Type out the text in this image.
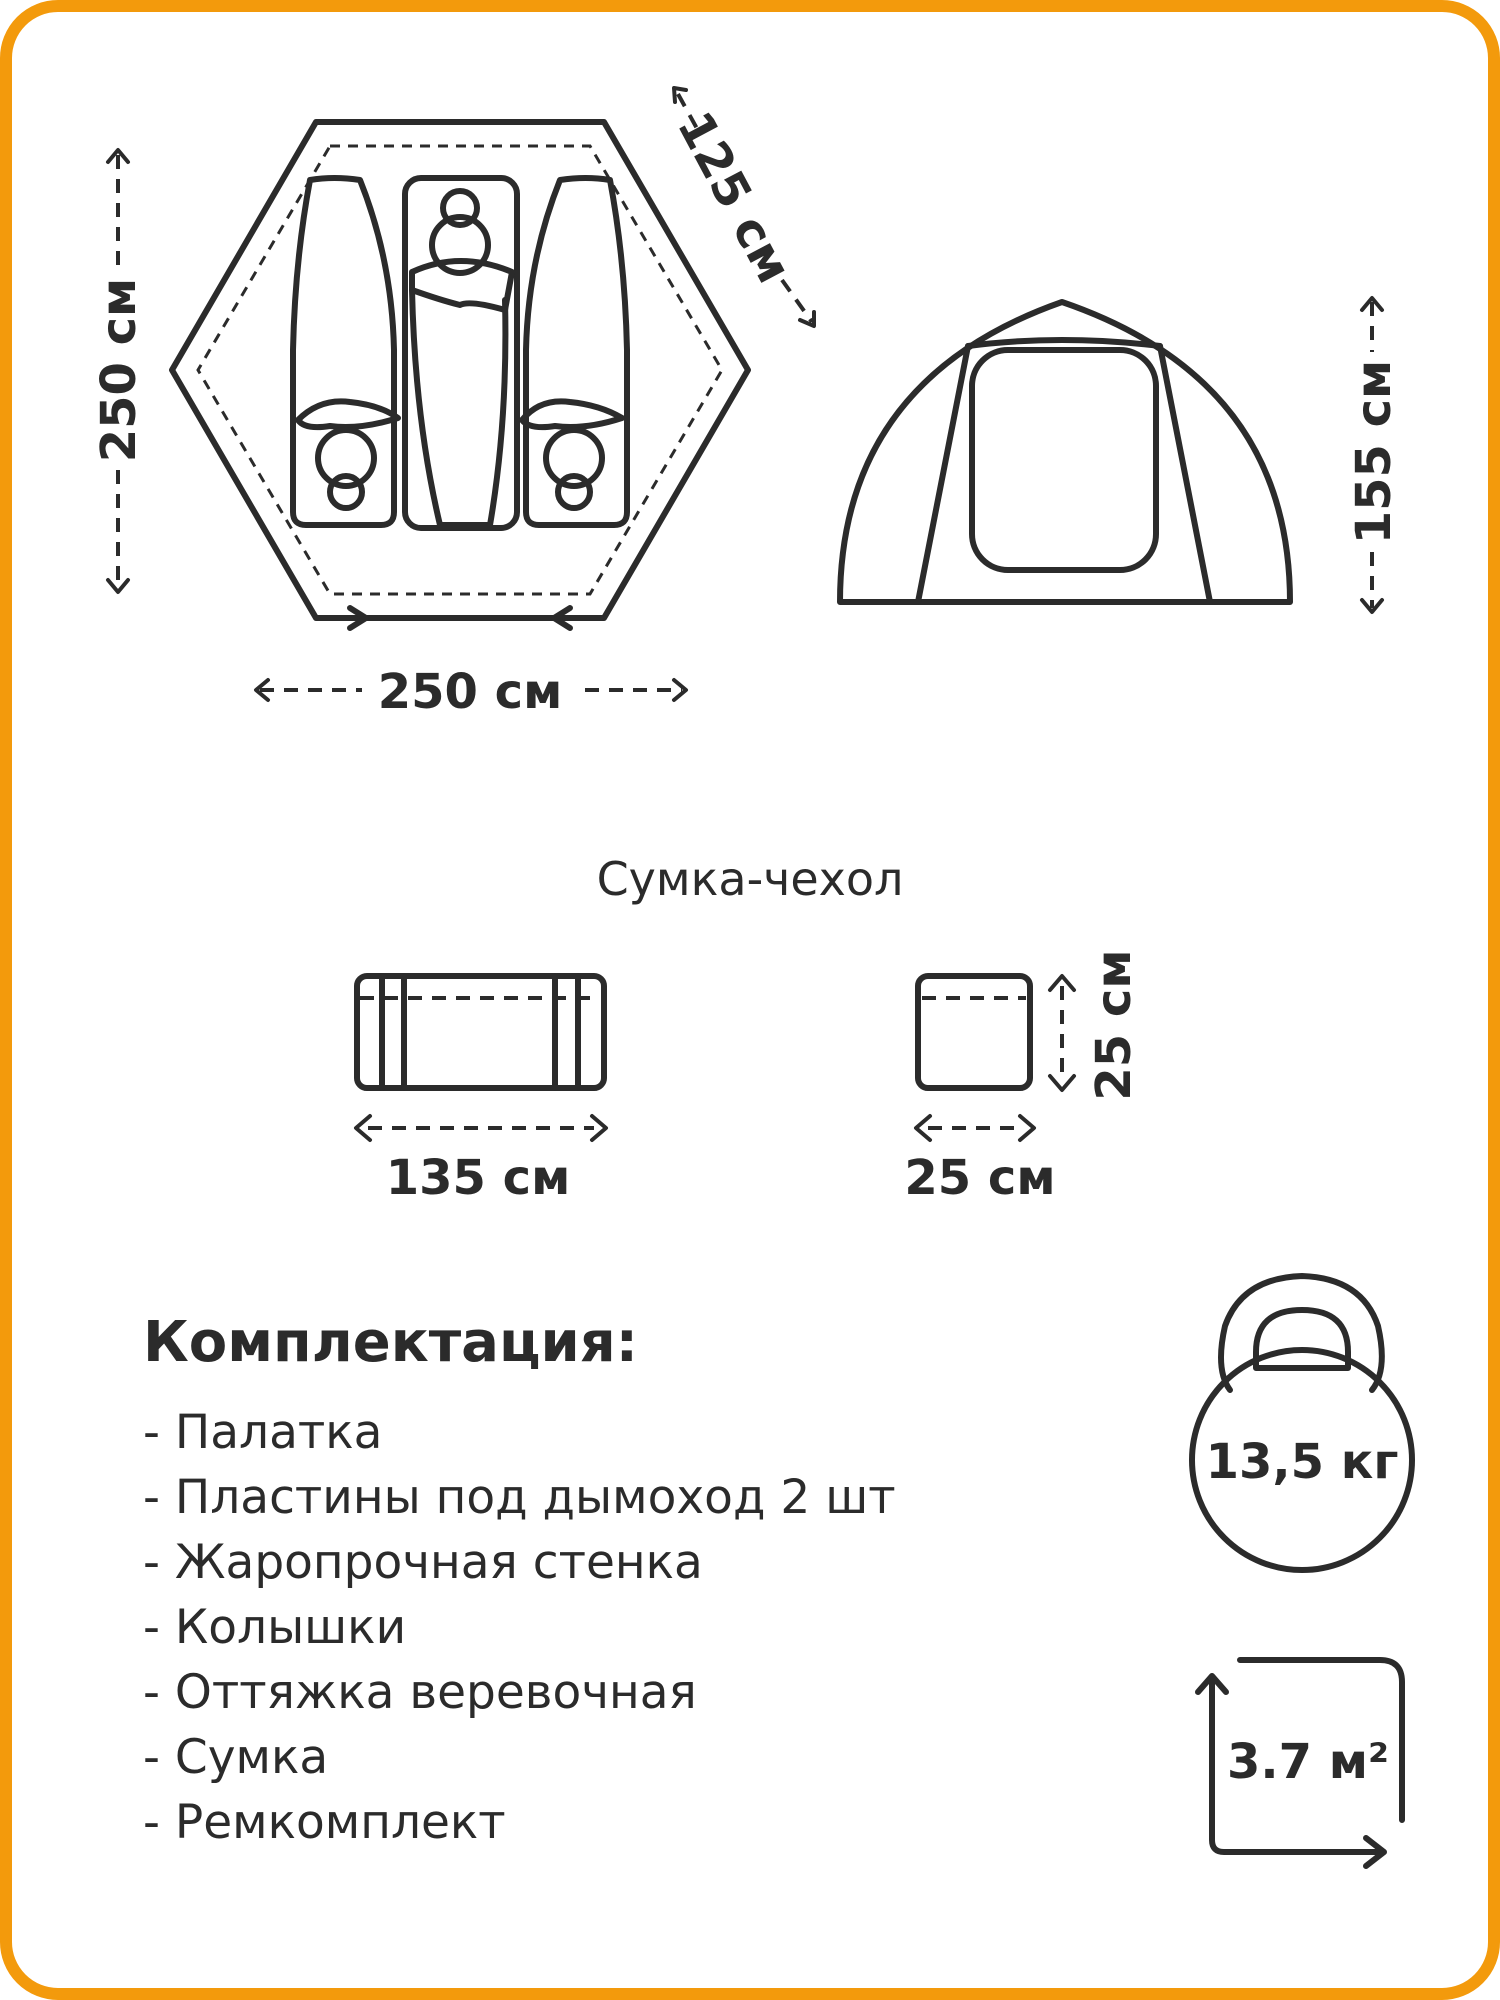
250 см
250 см
125 см
155 см
135 см	25 см
25 см
13,5 кг
3.7 м²
Сумка-чехол
Комплектация:
- Палатка
- Пластины под дымоход 2 шт
- Жаропрочная стенка
- Колышки
- Оттяжка веревочная
- Сумка
- Ремкомплект
